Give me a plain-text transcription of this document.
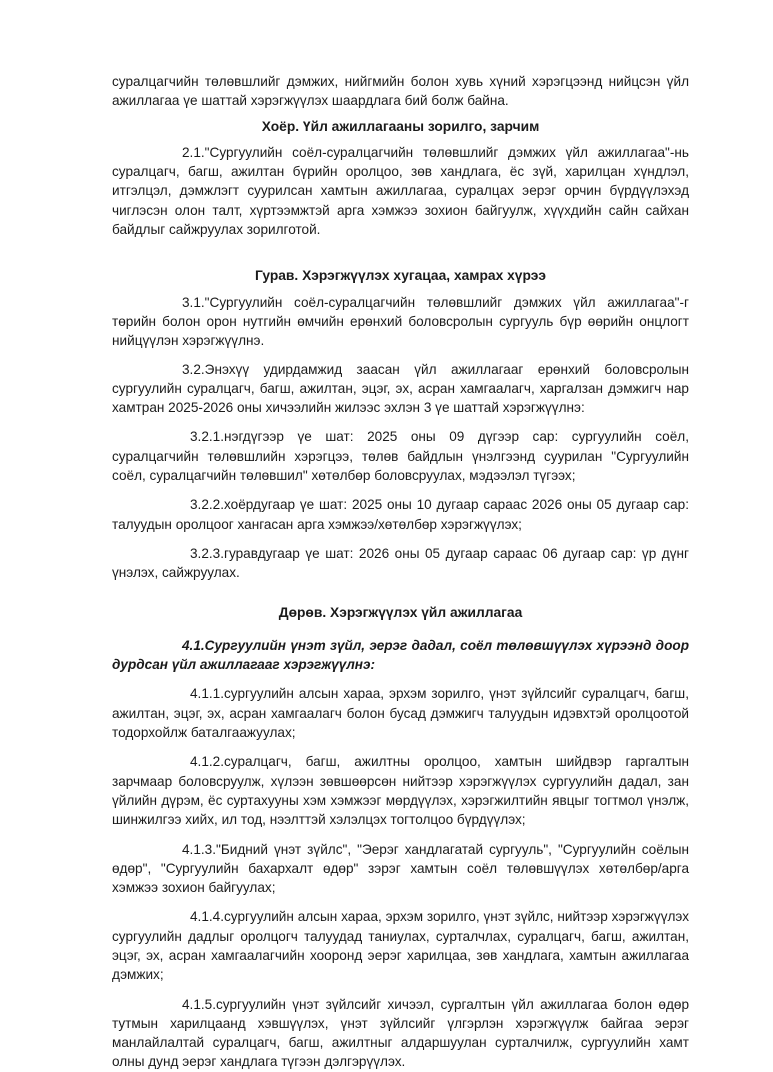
суралцагчийн төлөвшлийг дэмжих, нийгмийн болон хувь хүний хэрэгцээнд нийцсэн үйл ажиллагаа үе шаттай хэрэгжүүлэх шаардлага бий болж байна.

Хоёр. Үйл ажиллагааны зорилго, зарчим

2.1."Сургуулийн соёл-суралцагчийн төлөвшлийг дэмжих үйл ажиллагаа"-нь суралцагч, багш, ажилтан бүрийн оролцоо, зөв хандлага, ёс зүй, харилцан хүндлэл, итгэлцэл, дэмжлэгт суурилсан хамтын ажиллагаа, суралцах эерэг орчин бүрдүүлэхэд чиглэсэн олон талт, хүртээмжтэй арга хэмжээ зохион байгуулж, хүүхдийн сайн сайхан байдлыг сайжруулах зорилготой.

Гурав. Хэрэгжүүлэх хугацаа, хамрах хүрээ

3.1."Сургуулийн соёл-суралцагчийн төлөвшлийг дэмжих үйл ажиллагаа"-г төрийн болон орон нутгийн өмчийн ерөнхий боловсролын сургууль бүр өөрийн онцлогт нийцүүлэн хэрэгжүүлнэ.

3.2.Энэхүү удирдамжид заасан үйл ажиллагааг ерөнхий боловсролын сургуулийн суралцагч, багш, ажилтан, эцэг, эх, асран хамгаалагч, харгалзан дэмжигч нар хамтран 2025-2026 оны хичээлийн жилээс эхлэн 3 үе шаттай хэрэгжүүлнэ:

3.2.1.нэгдүгээр үе шат: 2025 оны 09 дүгээр сар: сургуулийн соёл, суралцагчийн төлөвшлийн хэрэгцээ, төлөв байдлын үнэлгээнд суурилан "Сургуулийн соёл, суралцагчийн төлөвшил" хөтөлбөр боловсруулах, мэдээлэл түгээх;

3.2.2.хоёрдугаар үе шат: 2025 оны 10 дугаар сараас 2026 оны 05 дугаар сар: талуудын оролцоог хангасан арга хэмжээ/хөтөлбөр хэрэгжүүлэх;

3.2.3.гуравдугаар үе шат: 2026 оны 05 дугаар сараас 06 дугаар сар: үр дүнг үнэлэх, сайжруулах.

Дөрөв. Хэрэгжүүлэх үйл ажиллагаа

4.1.Сургуулийн үнэт зүйл, эерэг дадал, соёл төлөвшүүлэх хүрээнд доор дурдсан үйл ажиллагааг хэрэгжүүлнэ:

4.1.1.сургуулийн алсын хараа, эрхэм зорилго, үнэт зүйлсийг суралцагч, багш, ажилтан, эцэг, эх, асран хамгаалагч болон бусад дэмжигч талуудын идэвхтэй оролцоотой тодорхойлж баталгаажуулах;

4.1.2.суралцагч, багш, ажилтны оролцоо, хамтын шийдвэр гаргалтын зарчмаар боловсруулж, хүлээн зөвшөөрсөн нийтээр хэрэгжүүлэх сургуулийн дадал, зан үйлийн дүрэм, ёс суртахууны хэм хэмжээг мөрдүүлэх, хэрэгжилтийн явцыг тогтмол үнэлж, шинжилгээ хийх, ил тод, нээлттэй хэлэлцэх тогтолцоо бүрдүүлэх;

4.1.3."Бидний үнэт зүйлс", "Эерэг хандлагатай сургууль", "Сургуулийн соёлын өдөр", "Сургуулийн бахархалт өдөр" зэрэг хамтын соёл төлөвшүүлэх хөтөлбөр/арга хэмжээ зохион байгуулах;

4.1.4.сургуулийн алсын хараа, эрхэм зорилго, үнэт зүйлс, нийтээр хэрэгжүүлэх сургуулийн дадлыг оролцогч талуудад таниулах, сурталчлах, суралцагч, багш, ажилтан, эцэг, эх, асран хамгаалагчийн хооронд эерэг харилцаа, зөв хандлага, хамтын ажиллагаа дэмжих;

4.1.5.сургуулийн үнэт зүйлсийг хичээл, сургалтын үйл ажиллагаа болон өдөр тутмын харилцаанд хэвшүүлэх, үнэт зүйлсийг үлгэрлэн хэрэгжүүлж байгаа эерэг манлайлалтай суралцагч, багш, ажилтныг алдаршуулан сурталчилж, сургуулийн хамт олны дунд эерэг хандлага түгээн дэлгэрүүлэх.
